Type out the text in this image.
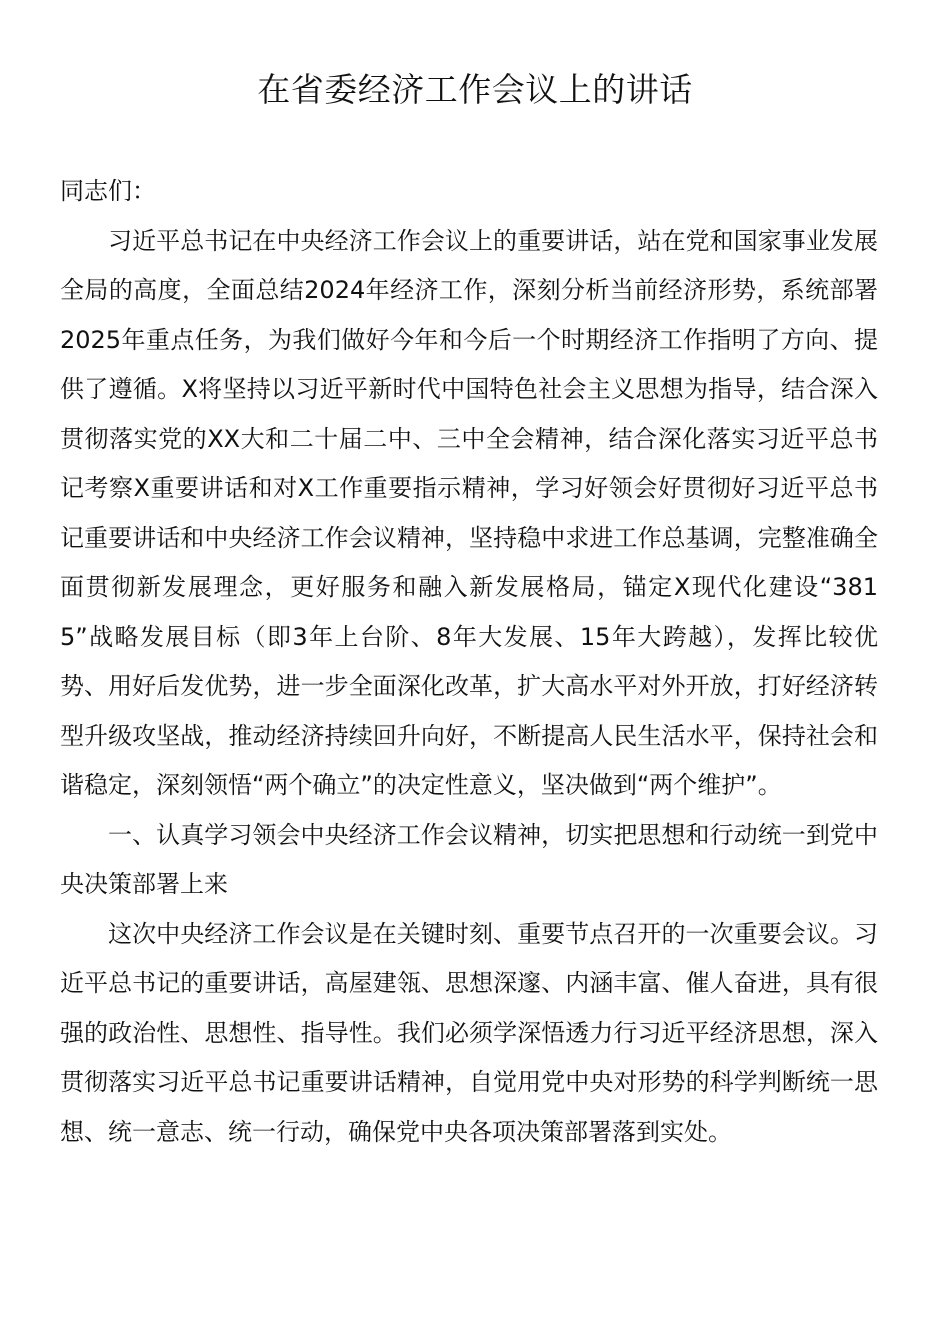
在省委经济工作会议上的讲话

同志们：

习近平总书记在中央经济工作会议上的重要讲话，站在党和国家事业发展全局的高度，全面总结2024年经济工作，深刻分析当前经济形势，系统部署2025年重点任务，为我们做好今年和今后一个时期经济工作指明了方向、提供了遵循。X将坚持以习近平新时代中国特色社会主义思想为指导，结合深入贯彻落实党的XX大和二十届二中、三中全会精神，结合深化落实习近平总书记考察X重要讲话和对X工作重要指示精神，学习好领会好贯彻好习近平总书记重要讲话和中央经济工作会议精神，坚持稳中求进工作总基调，完整准确全面贯彻新发展理念，更好服务和融入新发展格局，锚定X现代化建设“3815”战略发展目标（即3年上台阶、8年大发展、15年大跨越），发挥比较优势、用好后发优势，进一步全面深化改革，扩大高水平对外开放，打好经济转型升级攻坚战，推动经济持续回升向好，不断提高人民生活水平，保持社会和谐稳定，深刻领悟“两个确立”的决定性意义，坚决做到“两个维护”。

一、认真学习领会中央经济工作会议精神，切实把思想和行动统一到党中央决策部署上来

这次中央经济工作会议是在关键时刻、重要节点召开的一次重要会议。习近平总书记的重要讲话，高屋建瓴、思想深邃、内涵丰富、催人奋进，具有很强的政治性、思想性、指导性。我们必须学深悟透力行习近平经济思想，深入贯彻落实习近平总书记重要讲话精神，自觉用党中央对形势的科学判断统一思想、统一意志、统一行动，确保党中央各项决策部署落到实处。
